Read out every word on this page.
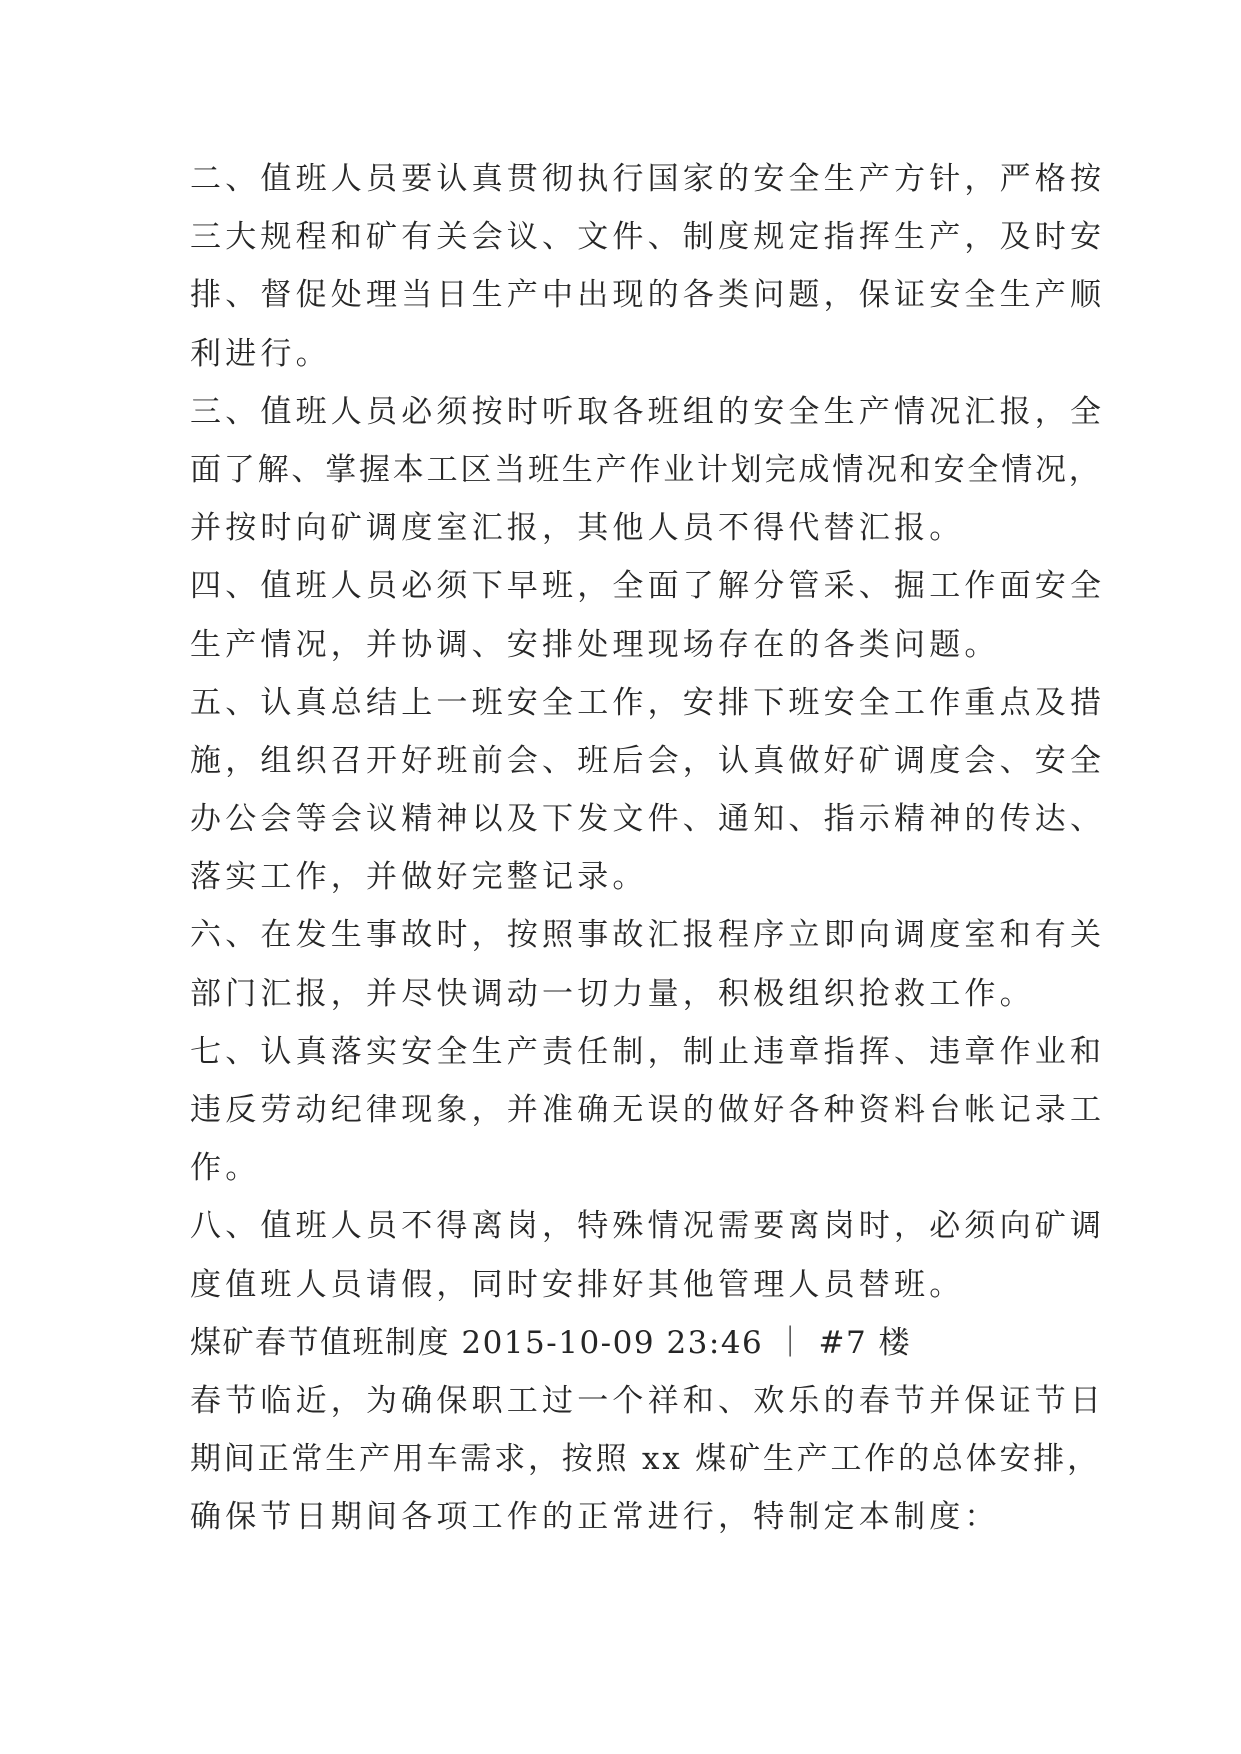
二、值班人员要认真贯彻执行国家的安全生产方针，严格按
三大规程和矿有关会议、文件、制度规定指挥生产，及时安
排、督促处理当日生产中出现的各类问题，保证安全生产顺
利进行。
三、值班人员必须按时听取各班组的安全生产情况汇报，全
面了解、掌握本工区当班生产作业计划完成情况和安全情况，
并按时向矿调度室汇报，其他人员不得代替汇报。
四、值班人员必须下早班，全面了解分管采、掘工作面安全
生产情况，并协调、安排处理现场存在的各类问题。
五、认真总结上一班安全工作，安排下班安全工作重点及措
施，组织召开好班前会、班后会，认真做好矿调度会、安全
办公会等会议精神以及下发文件、通知、指示精神的传达、
落实工作，并做好完整记录。
六、在发生事故时，按照事故汇报程序立即向调度室和有关
部门汇报，并尽快调动一切力量，积极组织抢救工作。
七、认真落实安全生产责任制，制止违章指挥、违章作业和
违反劳动纪律现象，并准确无误的做好各种资料台帐记录工
作。
八、值班人员不得离岗，特殊情况需要离岗时，必须向矿调
度值班人员请假，同时安排好其他管理人员替班。
煤矿春节值班制度 2015-10-09 23:46 ｜ #7 楼
春节临近，为确保职工过一个祥和、欢乐的春节并保证节日
期间正常生产用车需求，按照 xx 煤矿生产工作的总体安排，
确保节日期间各项工作的正常进行，特制定本制度：
